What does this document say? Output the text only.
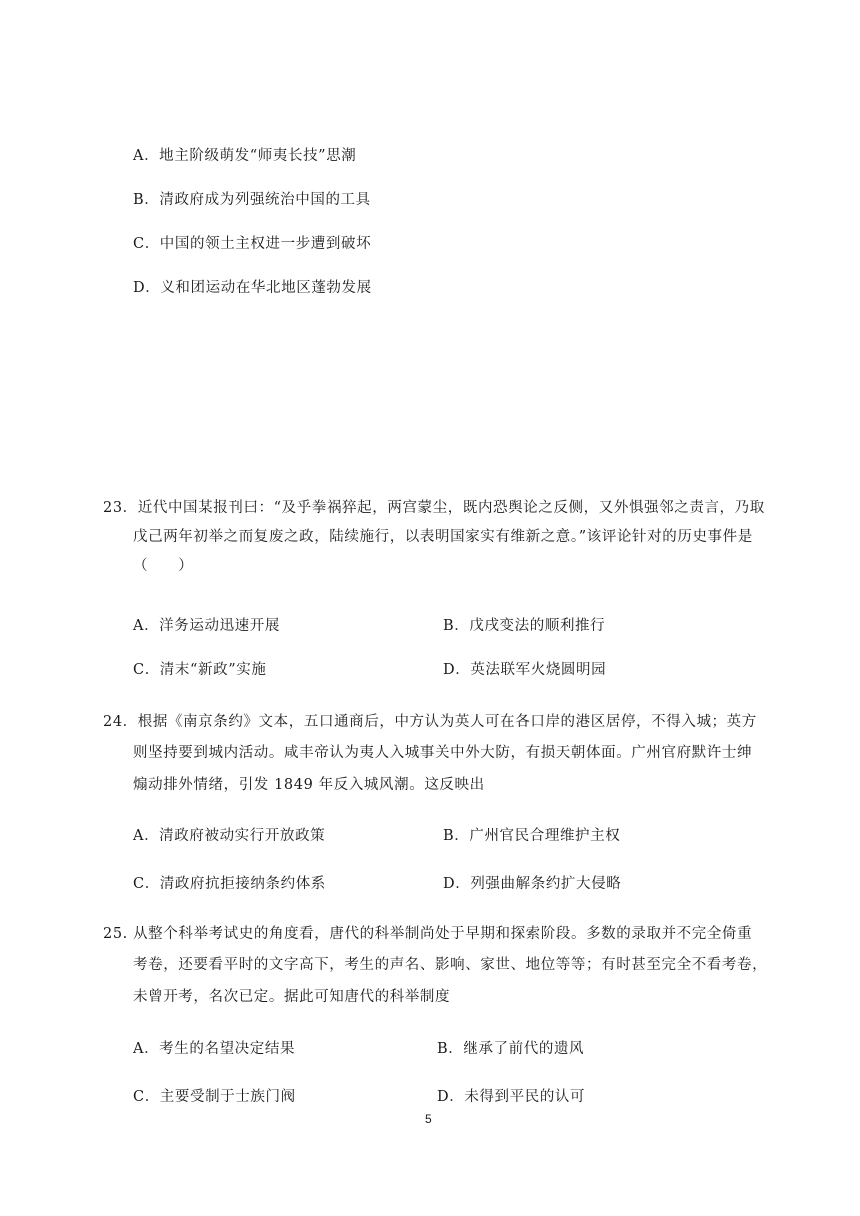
A．地主阶级萌发“师夷长技”思潮
B．清政府成为列强统治中国的工具
C．中国的领土主权进一步遭到破坏
D．义和团运动在华北地区蓬勃发展
23．近代中国某报刊曰：“及乎拳祸猝起，两宫蒙尘，既内恐舆论之反侧，又外惧强邻之责言，乃取
戊己两年初举之而复废之政，陆续施行，以表明国家实有维新之意。”该评论针对的历史事件是
（　　）
A．洋务运动迅速开展	B．戊戌变法的顺利推行
C．清末“新政”实施	D．英法联军火烧圆明园
24．根据《南京条约》文本，五口通商后，中方认为英人可在各口岸的港区居停，不得入城；英方
则坚持要到城内活动。咸丰帝认为夷人入城事关中外大防，有损天朝体面。广州官府默许士绅
煽动排外情绪，引发 1849 年反入城风潮。这反映出
A．清政府被动实行开放政策	B．广州官民合理维护主权
C．清政府抗拒接纳条约体系	D．列强曲解条约扩大侵略
25. 从整个科举考试史的角度看，唐代的科举制尚处于早期和探索阶段。多数的录取并不完全倚重
考卷，还要看平时的文字高下，考生的声名、影响、家世、地位等等；有时甚至完全不看考卷，
未曾开考，名次已定。据此可知唐代的科举制度
A．考生的名望决定结果	B．继承了前代的遗风
C．主要受制于士族门阀	D．未得到平民的认可
5
